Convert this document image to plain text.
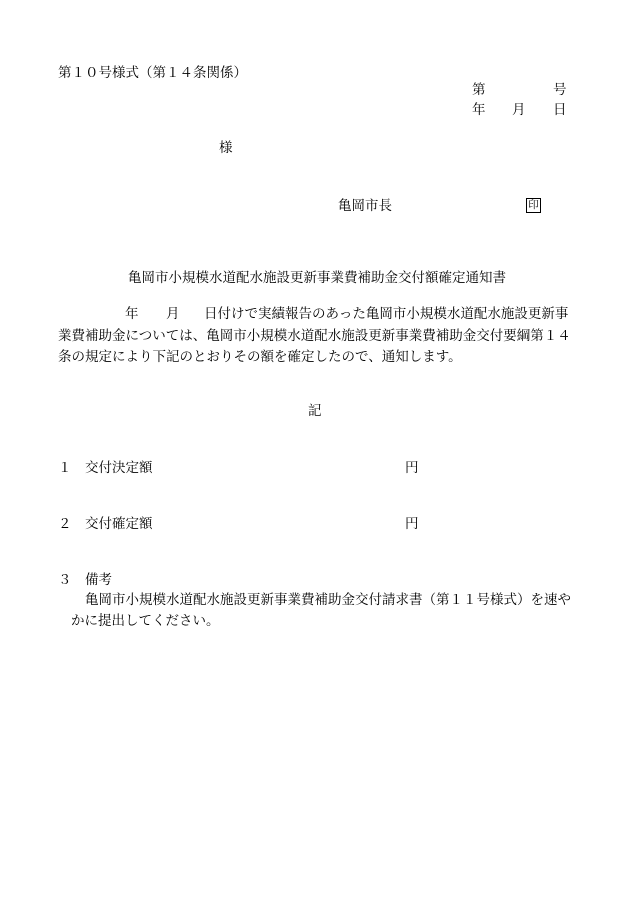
第１０号様式（第１４条関係）
第	号
年 月 日
様
亀岡市長	印
亀岡市小規模水道配水施設更新事業費補助金交付額確定通知書
年 月 日付けで実績報告のあった亀岡市小規模水道配水施設更新事
業費補助金については、亀岡市小規模水道配水施設更新事業費補助金交付要綱第１４
条の規定により下記のとおりその額を確定したので、通知します。
記
１ 交付決定額	円
２ 交付確定額	円
３ 備考
亀岡市小規模水道配水施設更新事業費補助金交付請求書（第１１号様式）を速や
かに提出してください。
